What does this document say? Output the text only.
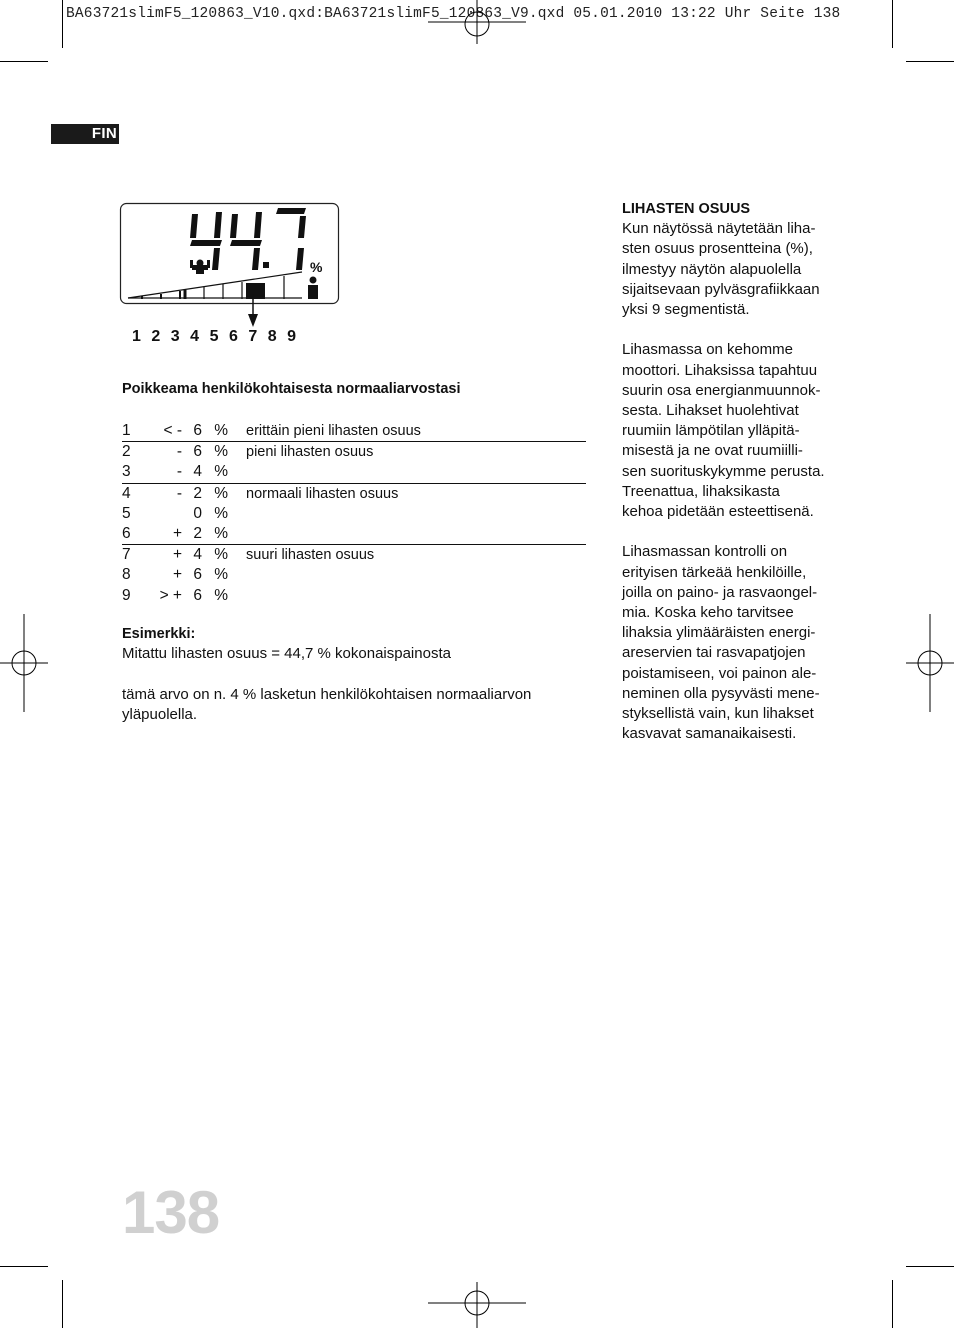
BA63721slimF5_120863_V10.qxd:BA63721slimF5_120863_V9.qxd 05.01.2010 13:22 Uhr Seite 138
FIN
%
1 2 3 4 5 6 7 8 9
Poikkeama henkilökohtaisesta normaaliarvostasi
1	< -	6	%	erittäin pieni lihasten osuus
2	-	6	%	pieni lihasten osuus
3	-	4	%	
4	-	2	%	normaali lihasten osuus
5		0	%	
6	+	2	%	
7	+	4	%	suuri lihasten osuus
8	+	6	%	
9	> +	6	%	
Esimerkki:
Mitattu lihasten osuus = 44,7 % kokonaispainosta
tämä arvo on n. 4 % lasketun henkilökohtaisen normaaliarvon yläpuolella.
LIHASTEN OSUUS

Kun näytössä näytetään liha-
sten osuus prosentteina (%),
ilmestyy näytön alapuolella
sijaitsevaan pylväsgrafiikkaan
yksi 9 segmentistä.

Lihasmassa on kehomme
moottori. Lihaksissa tapahtuu
suurin osa energianmuunnok-
sesta. Lihakset huolehtivat
ruumiin lämpötilan ylläpitä-
misestä ja ne ovat ruumiilli-
sen suorituskykymme perusta.
Treenattua, lihaksikasta
kehoa pidetään esteettisenä.

Lihasmassan kontrolli on
erityisen tärkeää henkilöille,
joilla on paino- ja rasvaongel-
mia. Koska keho tarvitsee
lihaksia ylimääräisten energi-
areservien tai rasvapatjojen
poistamiseen, voi painon ale-
neminen olla pysyvästi mene-
styksellistä vain, kun lihakset
kasvavat samanaikaisesti.

138
